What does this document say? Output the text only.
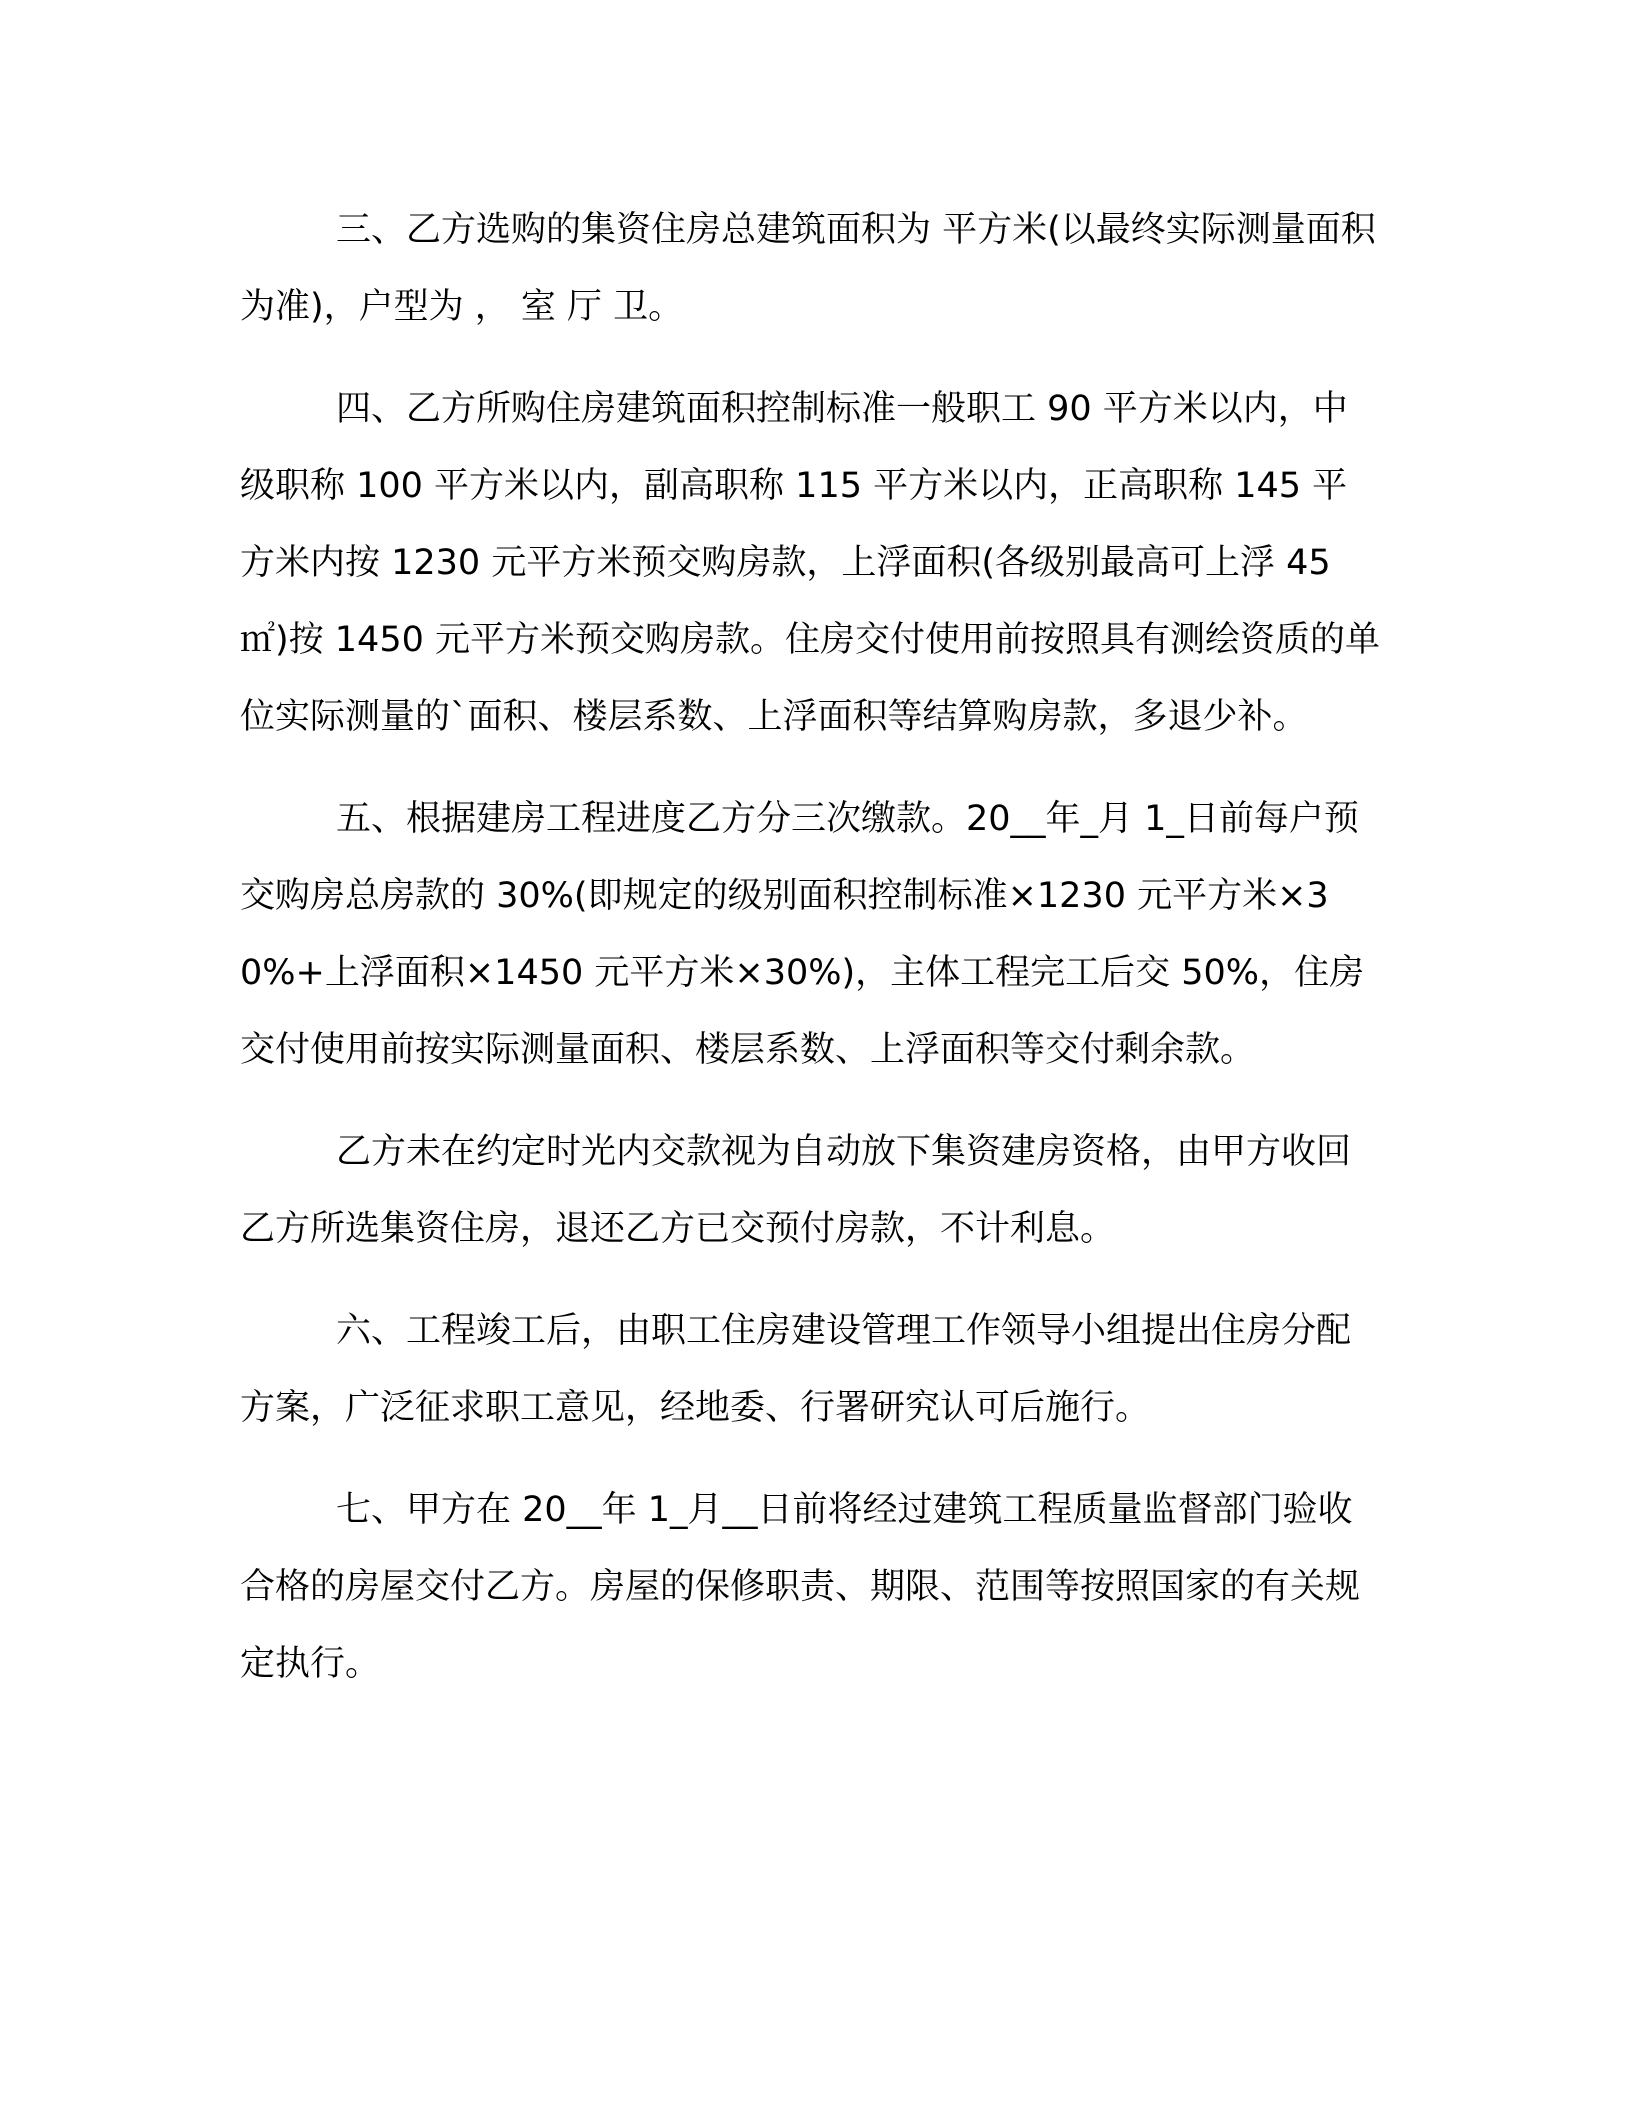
三、乙方选购的集资住房总建筑面积为 平方米(以最终实际测量面积为准)，户型为 ， 室 厅 卫。

四、乙方所购住房建筑面积控制标准一般职工 90 平方米以内，中级职称 100 平方米以内，副高职称 115 平方米以内，正高职称 145 平方米内按 1230 元平方米预交购房款，上浮面积(各级别最高可上浮 45 ㎡)按 1450 元平方米预交购房款。住房交付使用前按照具有测绘资质的单位实际测量的`面积、楼层系数、上浮面积等结算购房款，多退少补。

五、根据建房工程进度乙方分三次缴款。20__年_月 1_日前每户预交购房总房款的 30%(即规定的级别面积控制标准×1230 元平方米×30%+上浮面积×1450 元平方米×30%)，主体工程完工后交 50%，住房交付使用前按实际测量面积、楼层系数、上浮面积等交付剩余款。

乙方未在约定时光内交款视为自动放下集资建房资格，由甲方收回乙方所选集资住房，退还乙方已交预付房款，不计利息。

六、工程竣工后，由职工住房建设管理工作领导小组提出住房分配方案，广泛征求职工意见，经地委、行署研究认可后施行。

七、甲方在 20__年 1_月__日前将经过建筑工程质量监督部门验收合格的房屋交付乙方。房屋的保修职责、期限、范围等按照国家的有关规定执行。
